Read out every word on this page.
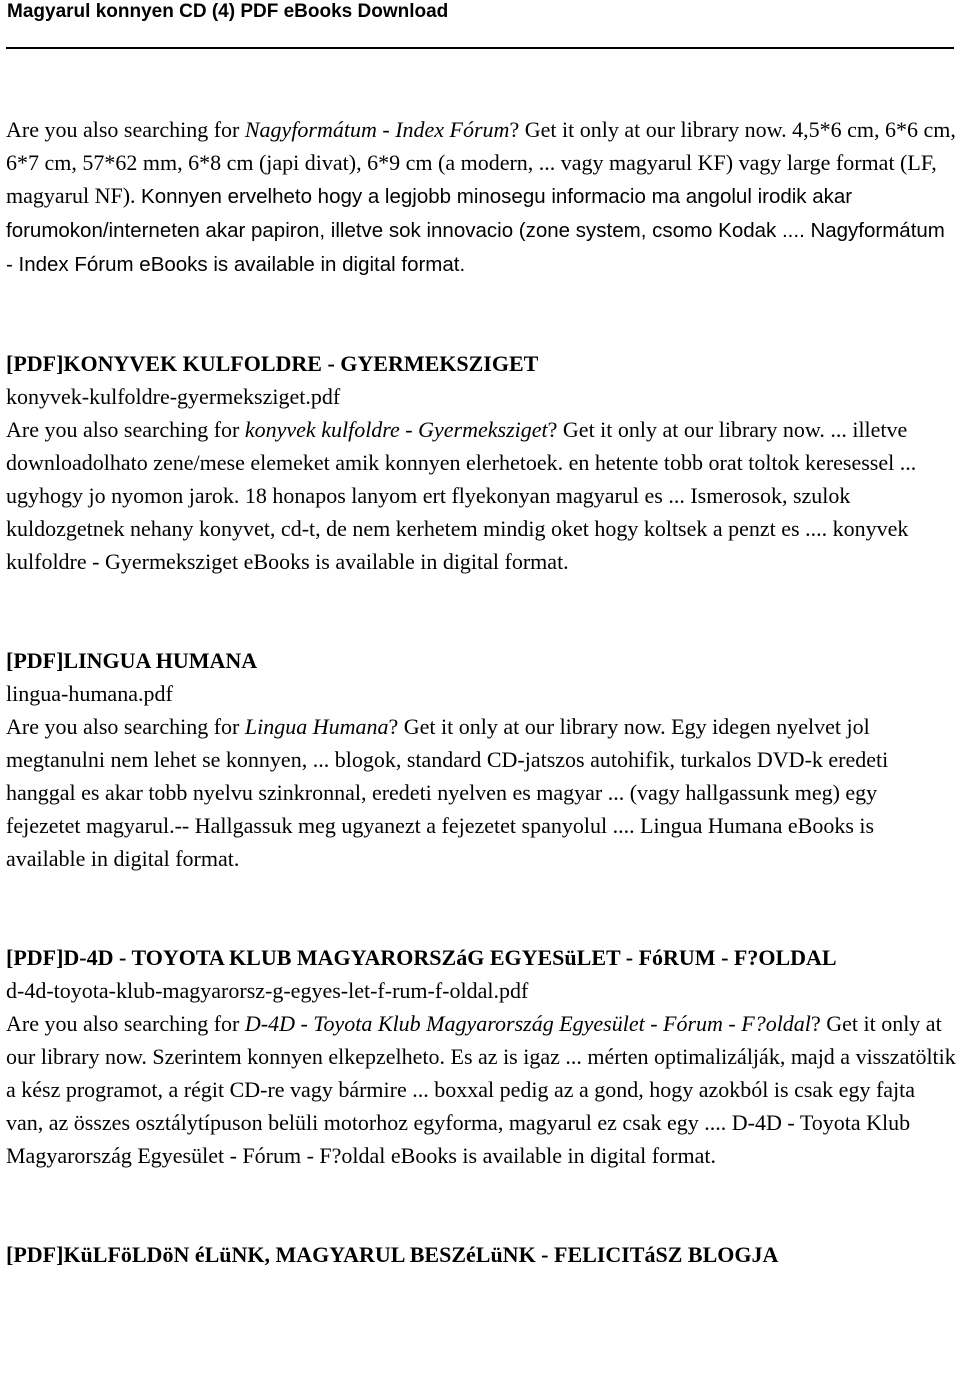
Magyarul konnyen CD (4) PDF eBooks Download

Are you also searching for Nagyformátum - Index Fórum? Get it only at our library now. 4,5*6 cm, 6*6 cm, 6*7 cm, 57*62 mm, 6*8 cm (japi divat), 6*9 cm (a modern, ... vagy magyarul KF) vagy large format (LF, magyarul NF). Konnyen ervelheto hogy a legjobb minosegu informacio ma angolul irodik akar forumokon/interneten akar papiron, illetve sok innovacio (zone system, csomo Kodak .... Nagyformátum - Index Fórum eBooks is available in digital format.

[PDF]KONYVEK KULFOLDRE - GYERMEKSZIGET

konyvek-kulfoldre-gyermeksziget.pdf

Are you also searching for konyvek kulfoldre - Gyermeksziget? Get it only at our library now. ... illetve downloadolhato zene/mese elemeket amik konnyen elerhetoek. en hetente tobb orat toltok keresessel ... ugyhogy jo nyomon jarok. 18 honapos lanyom ert flyekonyan magyarul es ... Ismerosok, szulok kuldozgetnek nehany konyvet, cd-t, de nem kerhetem mindig oket hogy koltsek a penzt es .... konyvek kulfoldre - Gyermeksziget eBooks is available in digital format.

[PDF]LINGUA HUMANA

lingua-humana.pdf

Are you also searching for Lingua Humana? Get it only at our library now. Egy idegen nyelvet jol megtanulni nem lehet se konnyen, ... blogok, standard CD-jatszos autohifik, turkalos DVD-k eredeti hanggal es akar tobb nyelvu szinkronnal, eredeti nyelven es magyar ... (vagy hallgassunk meg) egy fejezetet magyarul.-- Hallgassuk meg ugyanezt a fejezetet spanyolul .... Lingua Humana eBooks is available in digital format.

[PDF]D-4D - TOYOTA KLUB MAGYARORSZáG EGYESüLET - FóRUM - F?OLDAL

d-4d-toyota-klub-magyarorsz-g-egyes-let-f-rum-f-oldal.pdf

Are you also searching for D-4D - Toyota Klub Magyarország Egyesület - Fórum - F?oldal? Get it only at our library now. Szerintem konnyen elkepzelheto. Es az is igaz ... mérten optimalizálják, majd a visszatöltik a kész programot, a régit CD-re vagy bármire ... boxxal pedig az a gond, hogy azokból is csak egy fajta van, az összes osztálytípuson belüli motorhoz egyforma, magyarul ez csak egy .... D-4D - Toyota Klub Magyarország Egyesület - Fórum - F?oldal eBooks is available in digital format.

[PDF]KüLFöLDöN éLüNK, MAGYARUL BESZéLüNK - FELICITáSZ BLOGJA
